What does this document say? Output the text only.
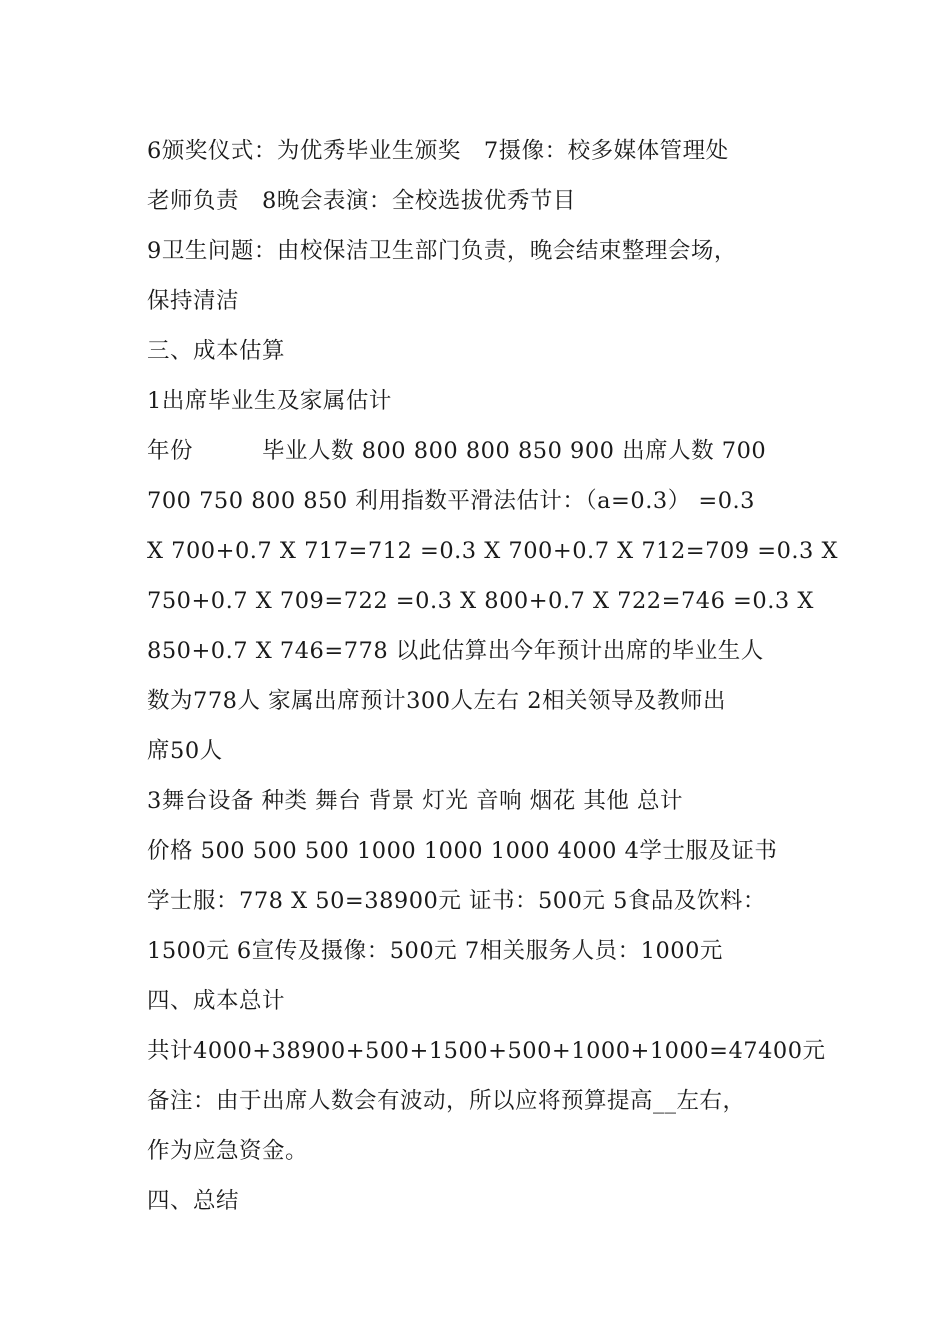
6颁奖仪式：为优秀毕业生颁奖　7摄像：校多媒体管理处
老师负责　8晚会表演：全校选拔优秀节目
9卫生问题：由校保洁卫生部门负责，晚会结束整理会场，
保持清洁
三、成本估算
1出席毕业生及家属估计
年份　　　毕业人数 800 800 800 850 900 出席人数 700
700 750 800 850 利用指数平滑法估计：（a=0.3） =0.3
X 700+0.7 X 717=712 =0.3 X 700+0.7 X 712=709 =0.3 X
750+0.7 X 709=722 =0.3 X 800+0.7 X 722=746 =0.3 X
850+0.7 X 746=778 以此估算出今年预计出席的毕业生人
数为778人 家属出席预计300人左右 2相关领导及教师出
席50人
3舞台设备 种类 舞台 背景 灯光 音响 烟花 其他 总计
价格 500 500 500 1000 1000 1000 4000 4学士服及证书
学士服：778 X 50=38900元 证书：500元 5食品及饮料：
1500元 6宣传及摄像：500元 7相关服务人员：1000元
四、成本总计
共计4000+38900+500+1500+500+1000+1000=47400元
备注：由于出席人数会有波动，所以应将预算提高__左右，
作为应急资金。
四、总结
